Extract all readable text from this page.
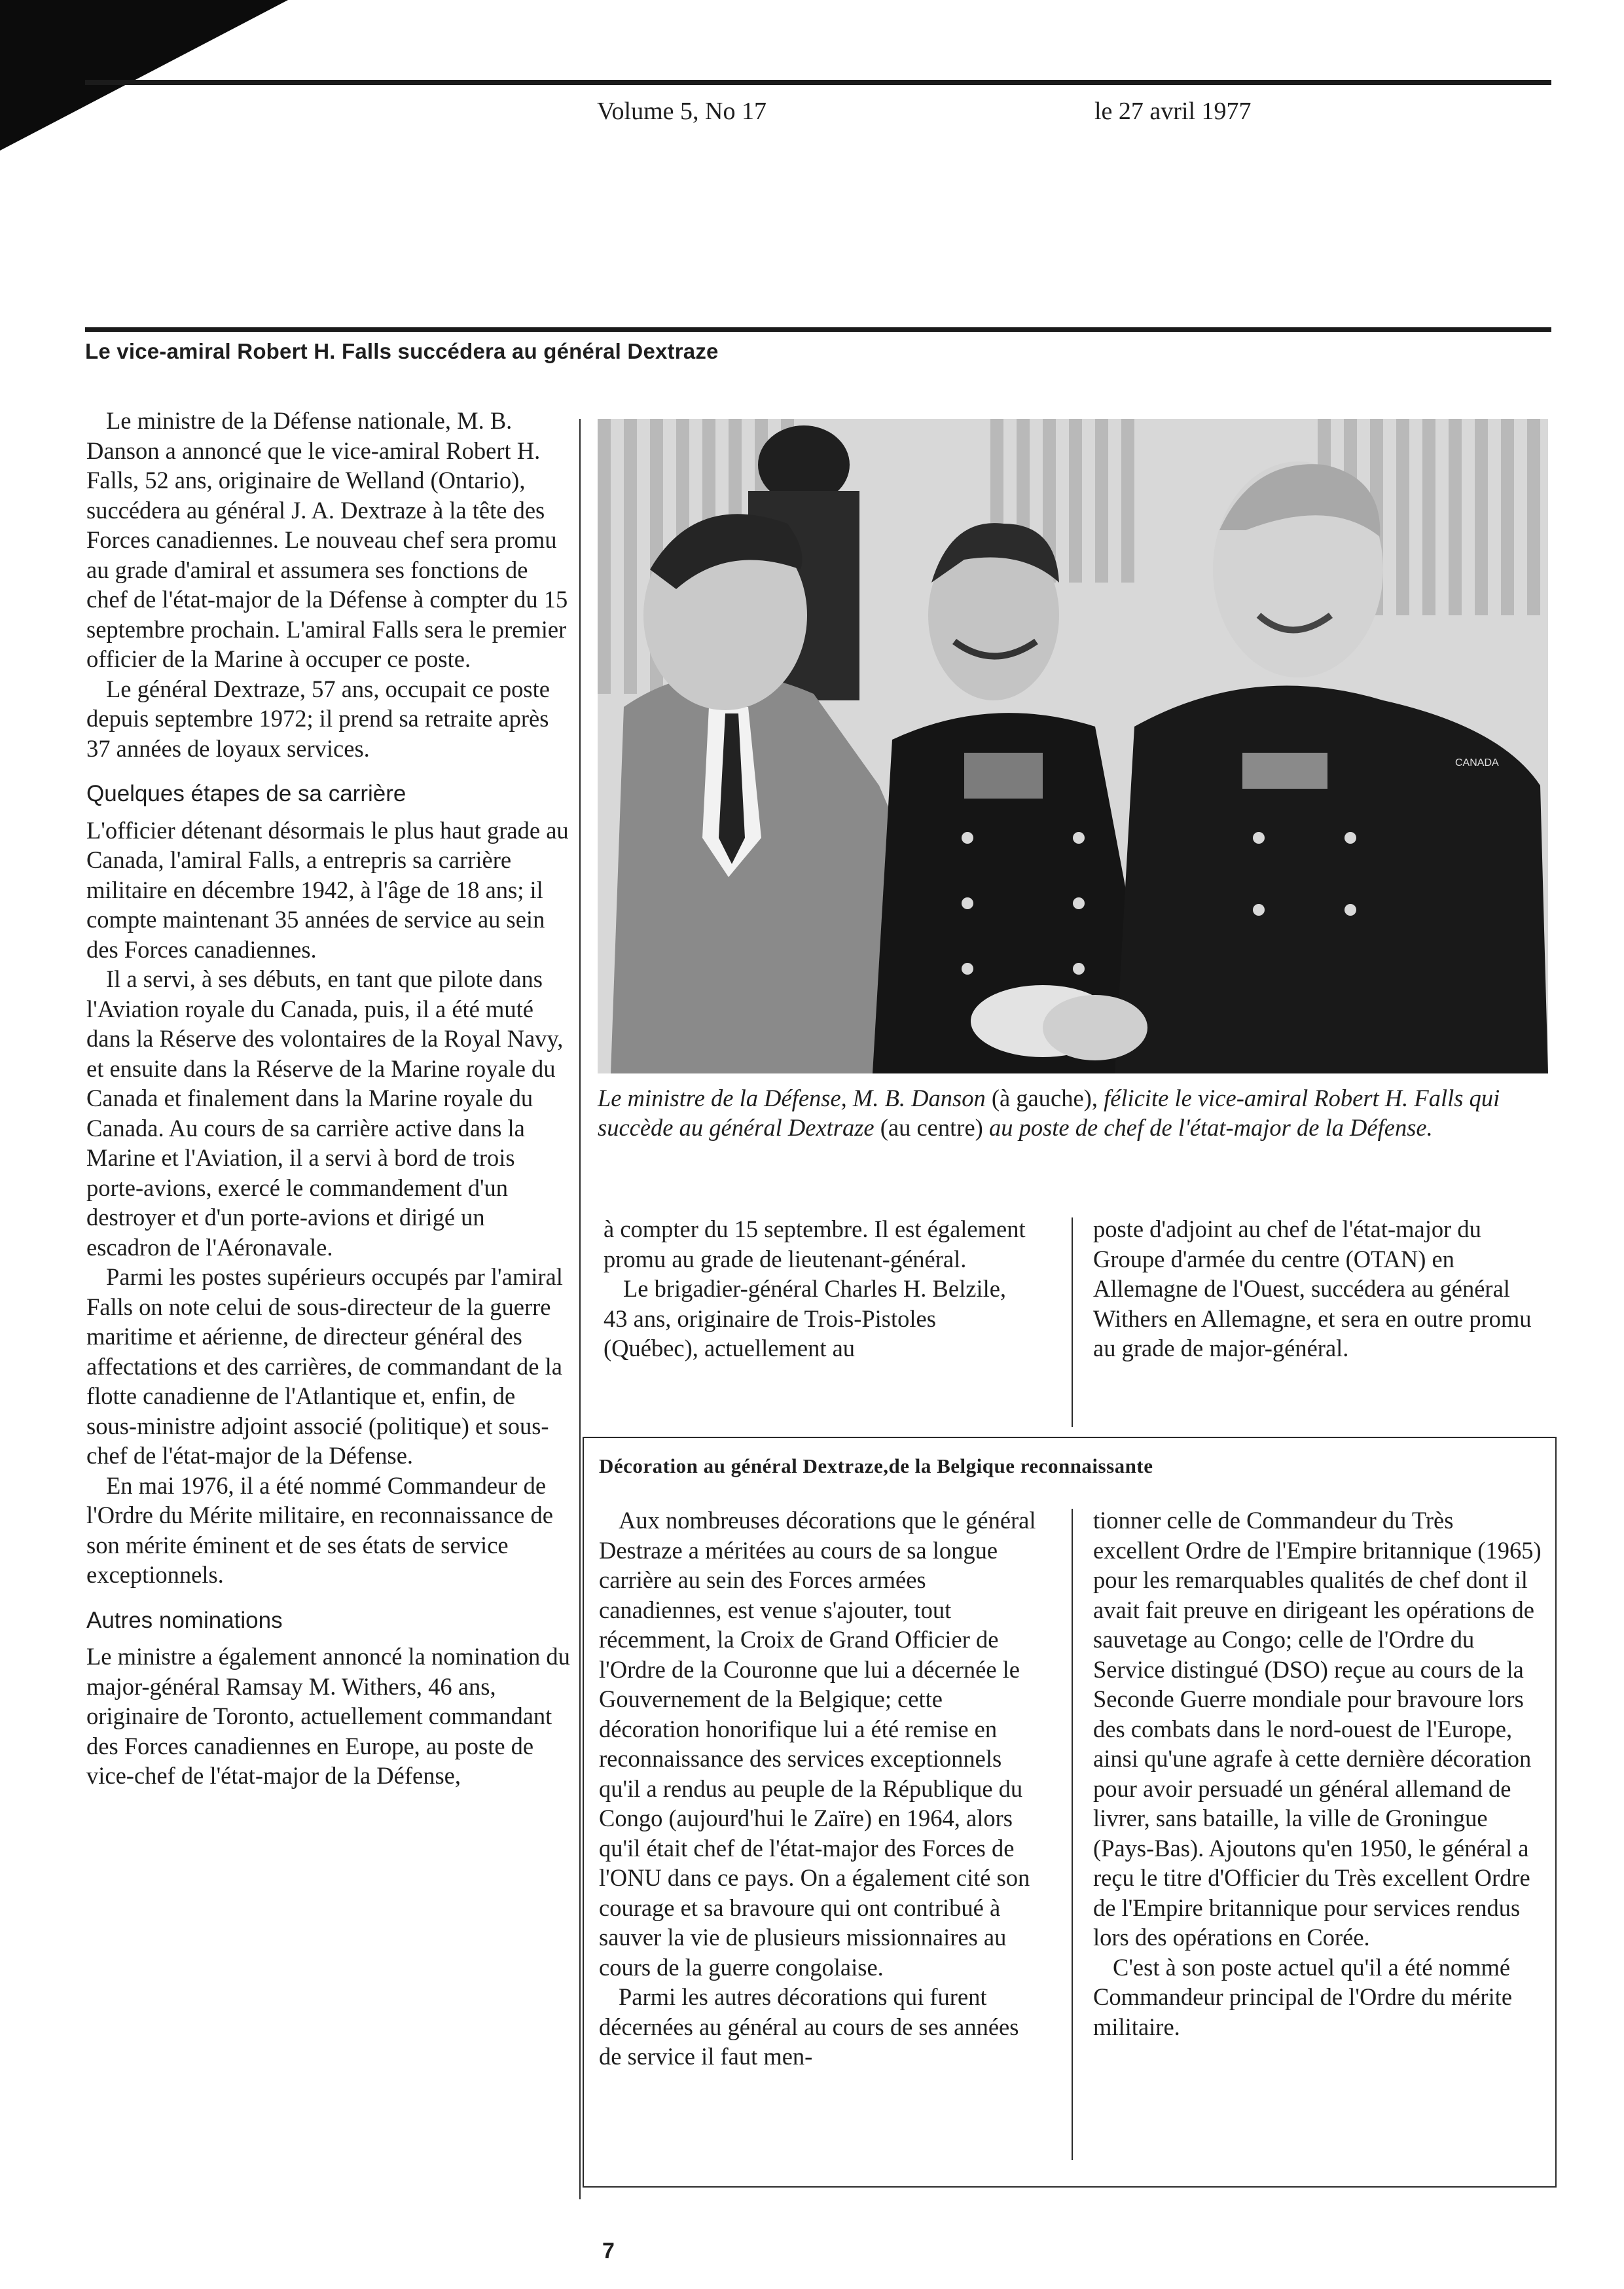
Volume 5, No 17	le 27 avril 1977
Le vice-amiral Robert H. Falls succédera au général Dextraze

Le ministre de la Défense nationale, M. B. Danson a annoncé que le vice-amiral Robert H. Falls, 52 ans, originaire de Welland (Ontario), succédera au général J. A. Dextraze à la tête des Forces canadiennes. Le nouveau chef sera promu au grade d'amiral et assumera ses fonctions de chef de l'état-major de la Défense à compter du 15 septembre prochain. L'amiral Falls sera le premier officier de la Marine à occuper ce poste.

Le général Dextraze, 57 ans, occupait ce poste depuis septembre 1972; il prend sa retraite après 37 années de loyaux services.

Quelques étapes de sa carrière

L'officier détenant désormais le plus haut grade au Canada, l'amiral Falls, a entrepris sa carrière militaire en décembre 1942, à l'âge de 18 ans; il compte maintenant 35 années de service au sein des Forces canadiennes.

Il a servi, à ses débuts, en tant que pilote dans l'Aviation royale du Canada, puis, il a été muté dans la Réserve des volontaires de la Royal Navy, et ensuite dans la Réserve de la Marine royale du Canada et finalement dans la Marine royale du Canada. Au cours de sa carrière active dans la Marine et l'Aviation, il a servi à bord de trois porte-avions, exercé le commandement d'un destroyer et d'un porte-avions et dirigé un escadron de l'Aéronavale.

Parmi les postes supérieurs occupés par l'amiral Falls on note celui de sous-directeur de la guerre maritime et aérienne, de directeur général des affectations et des carrières, de commandant de la flotte canadienne de l'Atlantique et, enfin, de sous-ministre adjoint associé (politique) et sous-chef de l'état-major de la Défense.

En mai 1976, il a été nommé Commandeur de l'Ordre du Mérite militaire, en reconnaissance de son mérite éminent et de ses états de service exceptionnels.

Autres nominations

Le ministre a également annoncé la nomination du major-général Ramsay M. Withers, 46 ans, originaire de Toronto, actuellement commandant des Forces canadiennes en Europe, au poste de vice-chef de l'état-major de la Défense,

CANADA
Le ministre de la Défense, M. B. Danson (à gauche), félicite le vice-amiral Robert H. Falls qui succède au général Dextraze (au centre) au poste de chef de l'état-major de la Défense.

à compter du 15 septembre. Il est également promu au grade de lieutenant-général.

Le brigadier-général Charles H. Belzile, 43 ans, originaire de Trois-Pistoles (Québec), actuellement au

poste d'adjoint au chef de l'état-major du Groupe d'armée du centre (OTAN) en Allemagne de l'Ouest, succédera au général Withers en Allemagne, et sera en outre promu au grade de major-général.

Décoration au général Dextraze,de la Belgique reconnaissante

Aux nombreuses décorations que le général Destraze a méritées au cours de sa longue carrière au sein des Forces armées canadiennes, est venue s'ajouter, tout récemment, la Croix de Grand Officier de l'Ordre de la Couronne que lui a décernée le Gouvernement de la Belgique; cette décoration honorifique lui a été remise en reconnaissance des services exceptionnels qu'il a rendus au peuple de la République du Congo (aujourd'hui le Zaïre) en 1964, alors qu'il était chef de l'état-major des Forces de l'ONU dans ce pays. On a également cité son courage et sa bravoure qui ont contribué à sauver la vie de plusieurs missionnaires au cours de la guerre congolaise.

Parmi les autres décorations qui furent décernées au général au cours de ses années de service il faut men-

tionner celle de Commandeur du Très excellent Ordre de l'Empire britannique (1965) pour les remarquables qualités de chef dont il avait fait preuve en dirigeant les opérations de sauvetage au Congo; celle de l'Ordre du Service distingué (DSO) reçue au cours de la Seconde Guerre mondiale pour bravoure lors des combats dans le nord-ouest de l'Europe, ainsi qu'une agrafe à cette dernière décoration pour avoir persuadé un général allemand de livrer, sans bataille, la ville de Groningue (Pays-Bas). Ajoutons qu'en 1950, le général a reçu le titre d'Officier du Très excellent Ordre de l'Empire britannique pour services rendus lors des opérations en Corée.

C'est à son poste actuel qu'il a été nommé Commandeur principal de l'Ordre du mérite militaire.

7
